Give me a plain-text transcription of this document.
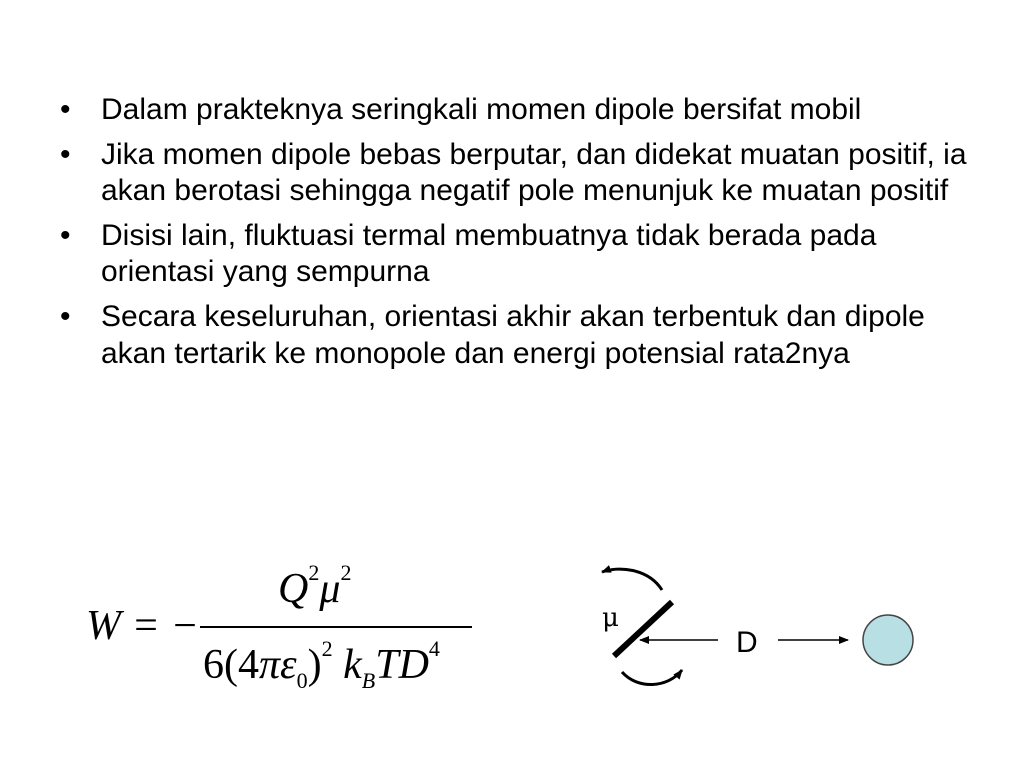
• Dalam prakteknya seringkali momen dipole bersifat mobil
• Jika momen dipole bebas berputar, dan didekat muatan positif, ia akan berotasi sehingga negatif pole menunjuk ke muatan positif
• Disisi lain, fluktuasi termal membuatnya tidak berada pada orientasi yang sempurna
• Secara keseluruhan, orientasi akhir akan terbentuk dan dipole akan tertarik ke monopole dan energi potensial rata2nya
W = −
$Q^2\mu^2$
$6(4\pi\varepsilon_0)^2$ $k_BTD^4$
μ
D
